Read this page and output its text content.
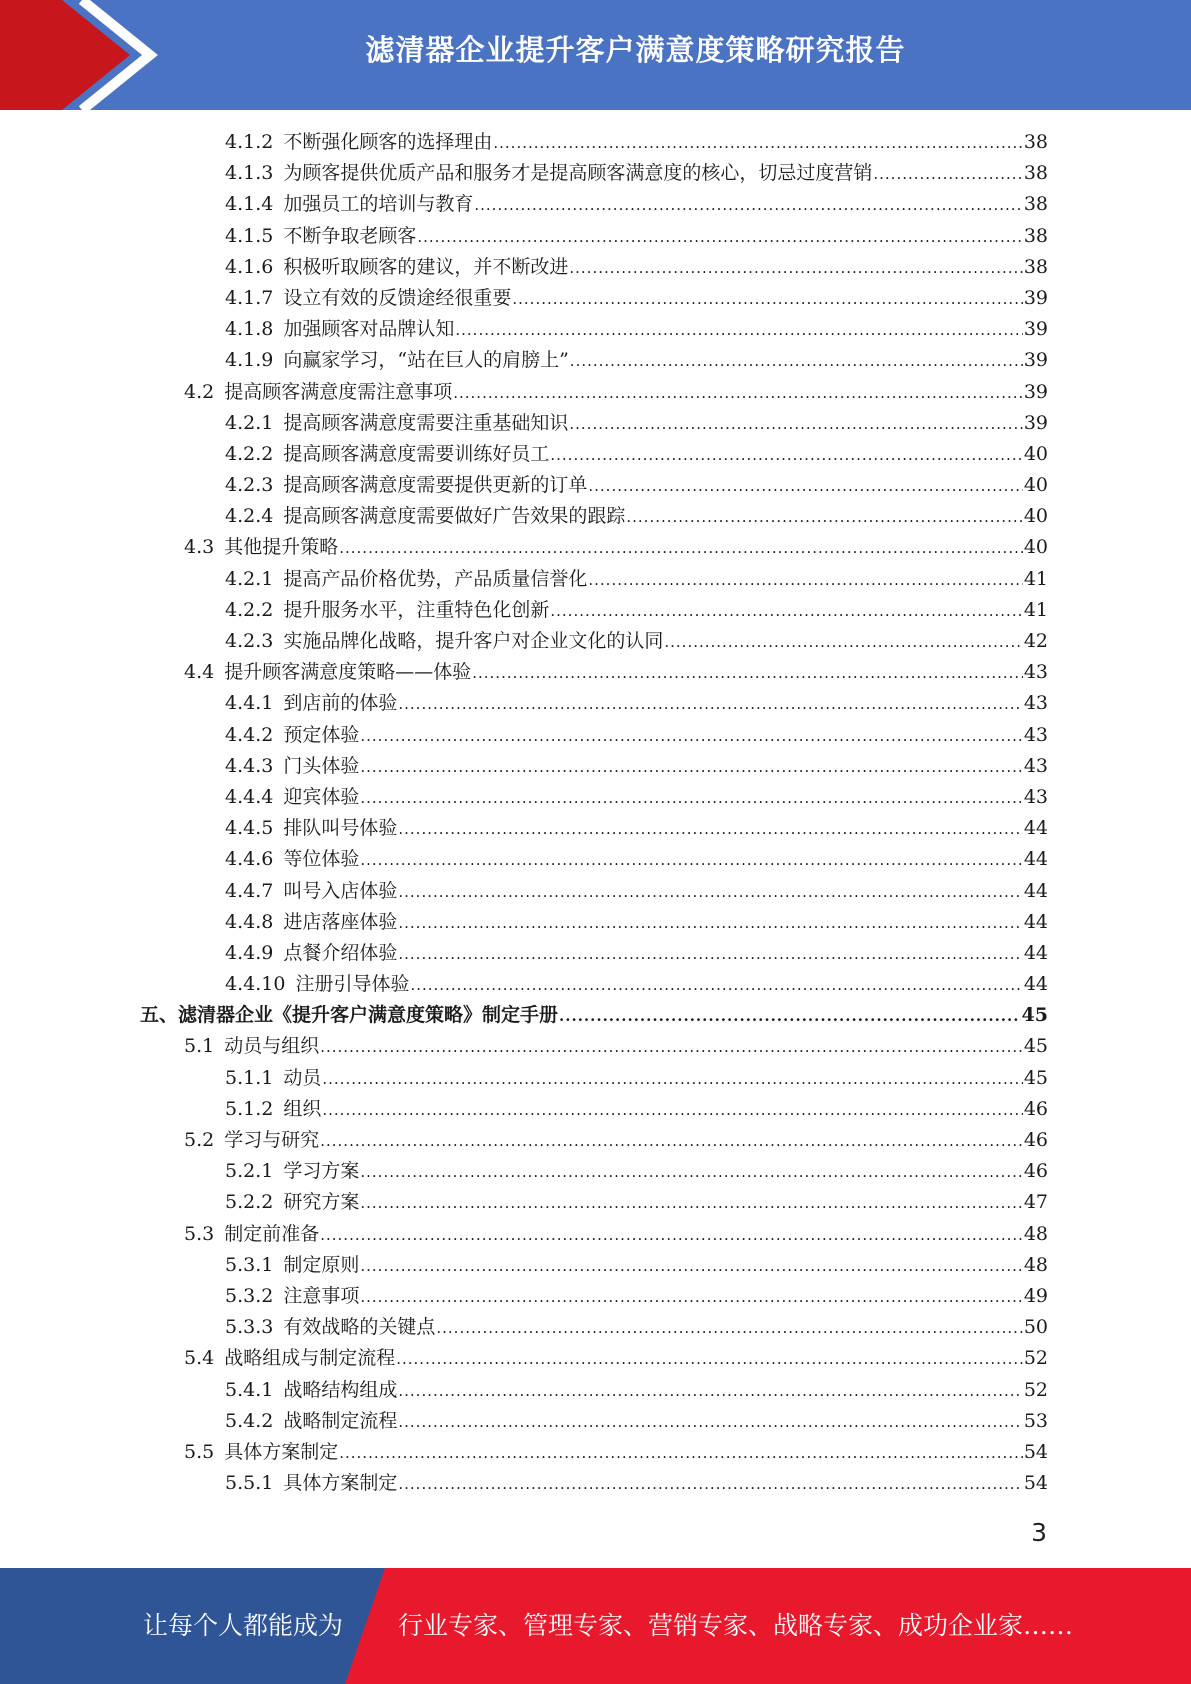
滤清器企业提升客户满意度策略研究报告
4.1.2 不断强化顾客的选择理由 .....	38
4.1.3 为顾客提供优质产品和服务才是提高顾客满意度的核心，切忌过度营销 .....	38
4.1.4 加强员工的培训与教育 .....	38
4.1.5 不断争取老顾客 .....	38
4.1.6 积极听取顾客的建议，并不断改进 .....	38
4.1.7 设立有效的反馈途经很重要 .....	39
4.1.8 加强顾客对品牌认知 .....	39
4.1.9 向赢家学习，“站在巨人的肩膀上” .....	39
4.2 提高顾客满意度需注意事项 .....	39
4.2.1 提高顾客满意度需要注重基础知识 .....	39
4.2.2 提高顾客满意度需要训练好员工 .....	40
4.2.3 提高顾客满意度需要提供更新的订单 .....	40
4.2.4 提高顾客满意度需要做好广告效果的跟踪 .....	40
4.3 其他提升策略 .....	40
4.2.1 提高产品价格优势，产品质量信誉化 .....	41
4.2.2 提升服务水平，注重特色化创新 .....	41
4.2.3 实施品牌化战略，提升客户对企业文化的认同 .....	42
4.4 提升顾客满意度策略——体验 .....	43
4.4.1 到店前的体验 .....	43
4.4.2 预定体验 .....	43
4.4.3 门头体验 .....	43
4.4.4 迎宾体验 .....	43
4.4.5 排队叫号体验 .....	44
4.4.6 等位体验 .....	44
4.4.7 叫号入店体验 .....	44
4.4.8 进店落座体验 .....	44
4.4.9 点餐介绍体验 .....	44
4.4.10 注册引导体验 .....	44
五、 滤清器企业《提升客户满意度策略》制定手册 .....	45
5.1 动员与组织 .....	45
5.1.1 动员 .....	45
5.1.2 组织 .....	46
5.2 学习与研究 .....	46
5.2.1 学习方案 .....	46
5.2.2 研究方案 .....	47
5.3 制定前准备 .....	48
5.3.1 制定原则 .....	48
5.3.2 注意事项 .....	49
5.3.3 有效战略的关键点 .....	50
5.4 战略组成与制定流程 .....	52
5.4.1 战略结构组成 .....	52
5.4.2 战略制定流程 .....	53
5.5 具体方案制定 .....	54
5.5.1 具体方案制定 .....	54
3
让每个人都能成为 行业专家、管理专家、营销专家、战略专家、成功企业家……
